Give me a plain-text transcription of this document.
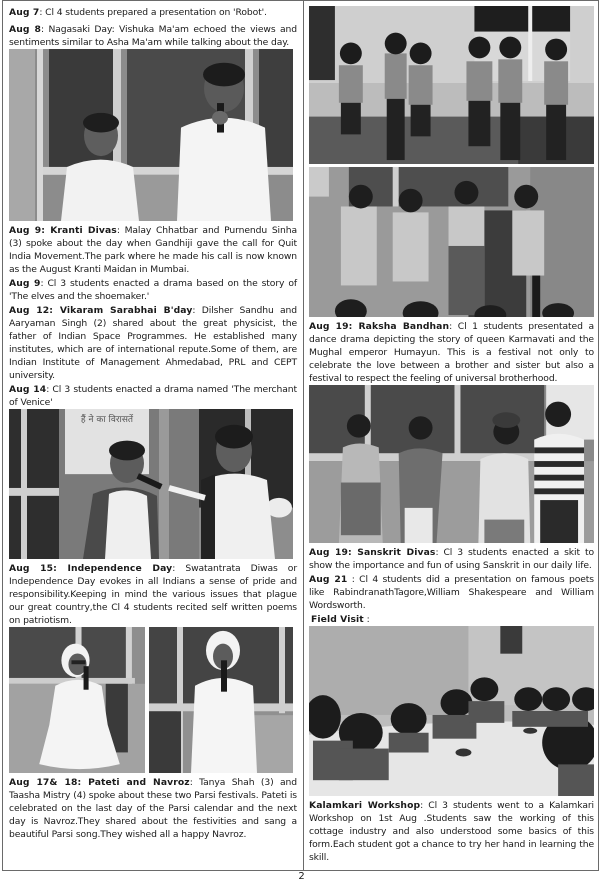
Aug 7: Cl 4 students prepared a presentation on 'Robot'.

Aug 8: Nagasaki Day: Vishuka Ma'am echoed the views and sentiments similar to Asha Ma'am while talking about the day.

Aug 9: Kranti Divas: Malay Chhatbar and Purnendu Sinha (3) spoke about the day when Gandhiji gave the call for Quit India Movement.The park where he made his call is now known as the August Kranti Maidan in Mumbai.

Aug 9: Cl 3 students enacted a drama based on the story of 'The elves and the shoemaker.'

Aug 12: Vikaram Sarabhai B'day: Dilsher Sandhu and Aaryaman Singh (2) shared about the great physicist, the father of Indian Space Programmes. He established many institutes, which are of international repute.Some of them, are Indian Institute of Management Ahmedabad, PRL and CEPT university.

Aug 14: Cl 3 students enacted a drama named 'The merchant of Venice'

हैं ने का विरासतें

Aug 15: Independence Day: Swatantrata Diwas or Independence Day evokes in all Indians a sense of pride and responsibility.Keeping in mind the various issues that plague our great country,the Cl 4 students recited self written poems on patriotism.

Aug 17& 18: Pateti and Navroz: Tanya Shah (3) and Taasha Mistry (4) spoke about these two Parsi festivals. Pateti is celebrated on the last day of the Parsi calendar and the next day is Navroz.They shared about the festivities and sang a beautiful Parsi song.They wished all a happy Navroz.

Aug 19: Raksha Bandhan: Cl 1 students presentated a dance drama depicting the story of queen Karmavati and the Mughal emperor Humayun. This is a festival not only to celebrate the love between a brother and sister but also a festival to respect the feeling of universal brotherhood.

Aug 19: Sanskrit Divas: Cl 3 students enacted a skit to show the importance and fun of using Sanskrit in our daily life.

Aug 21 : Cl 4 students did a presentation on famous poets like RabindranathTagore,William Shakespeare and William Wordsworth.

Field Visit :

Kalamkari Workshop: Cl 3 students went to a Kalamkari Workshop on 1st Aug .Students saw the working of this cottage industry and also understood some basics of this form.Each student got a chance to try her hand in learning the skill.

2
